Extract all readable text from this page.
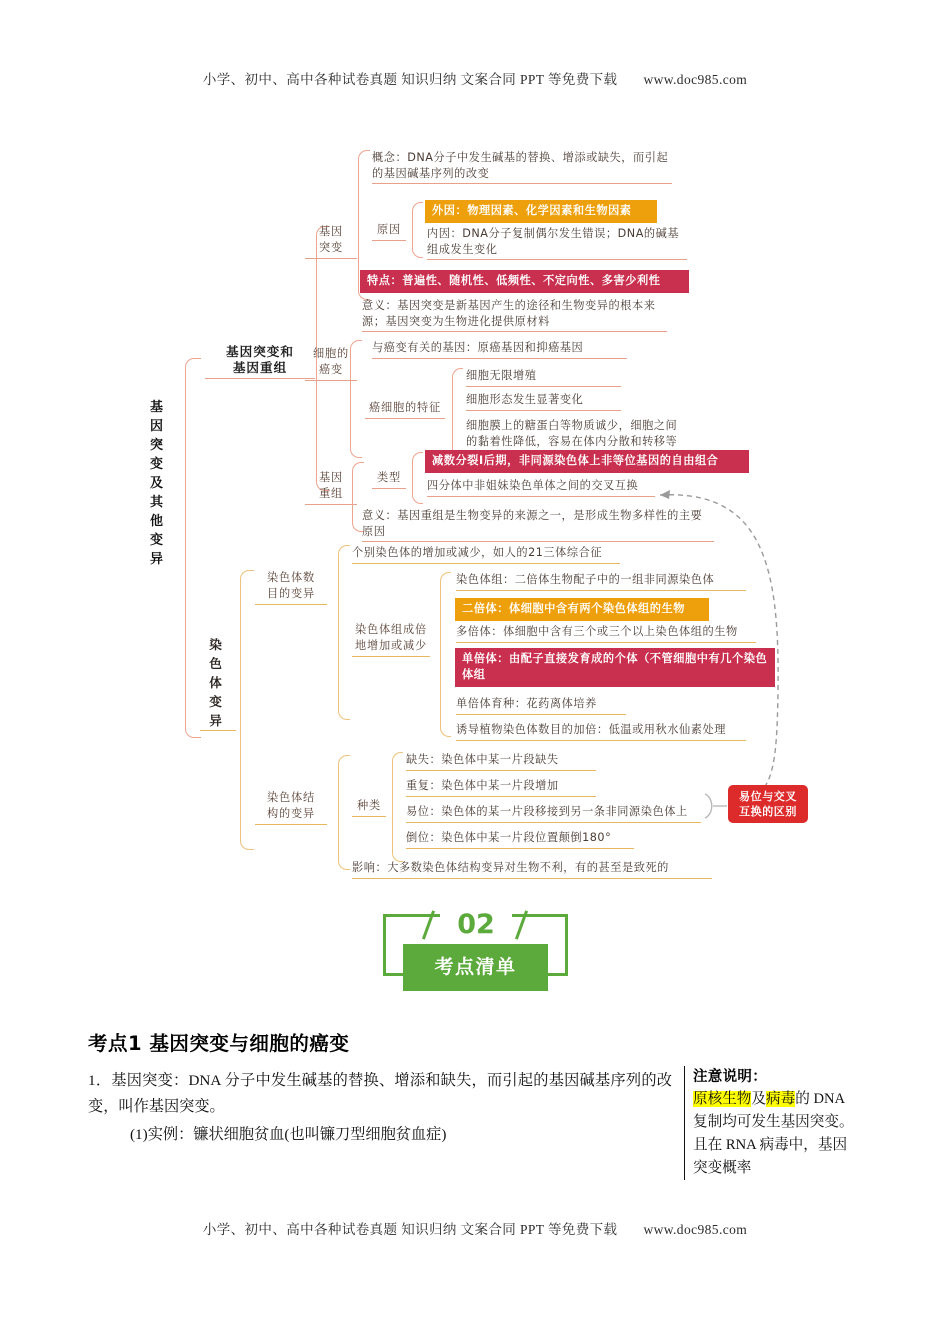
小学、初中、高中各种试卷真题 知识归纳 文案合同 PPT 等免费下载 www.doc985.com
基
因
突
变
及
其
他
变
异
基因突变和
基因重组
染
色
体
变
异
基因
突变
细胞的
癌变
基因
重组
染色体数
目的变异
染色体结
构的变异
概念：DNA分子中发生碱基的替换、增添或缺失，而引起的基因碱基序列的改变
原因
外因：物理因素、化学因素和生物因素
内因：DNA分子复制偶尔发生错误；DNA的碱基组成发生变化
特点：普遍性、随机性、低频性、不定向性、多害少利性
意义：基因突变是新基因产生的途径和生物变异的根本来源；基因突变为生物进化提供原材料
与癌变有关的基因：原癌基因和抑癌基因
癌细胞的特征
细胞无限增殖
细胞形态发生显著变化
细胞膜上的糖蛋白等物质诚少，细胞之间的黏着性降低，容易在体内分散和转移等
类型
减数分裂I后期，非同源染色体上非等位基因的自由组合
四分体中非姐妹染色单体之间的交叉互换
意义：基因重组是生物变异的来源之一，是形成生物多样性的主要原因
个别染色体的增加或减少，如人的21三体综合征
染色体组成倍
地增加或减少
染色体组：二倍体生物配子中的一组非同源染色体
二倍体：体细胞中含有两个染色体组的生物
多倍体：体细胞中含有三个或三个以上染色体组的生物
单倍体：由配子直接发育成的个体（不管细胞中有几个染色体组
单倍体育种：花药离体培养
诱导植物染色体数目的加倍：低温或用秋水仙素处理
种类
缺失：染色体中某一片段缺失
重复：染色体中某一片段增加
易位：染色体的某一片段移接到另一条非同源染色体上
倒位：染色体中某一片段位置颠倒180°
影响：大多数染色体结构变异对生物不利，有的甚至是致死的
易位与交叉
互换的区别
02
考点清单
考点1 基因突变与细胞的癌变
1．基因突变：DNA 分子中发生碱基的替换、增添和缺失，而引起的基因碱基序列的改变，叫作基因突变。
(1)实例：镰状细胞贫血(也叫镰刀型细胞贫血症)
注意说明：
原核生物及病毒的 DNA 复制均可发生基因突变。且在 RNA 病毒中，基因突变概率
小学、初中、高中各种试卷真题 知识归纳 文案合同 PPT 等免费下载 www.doc985.com
